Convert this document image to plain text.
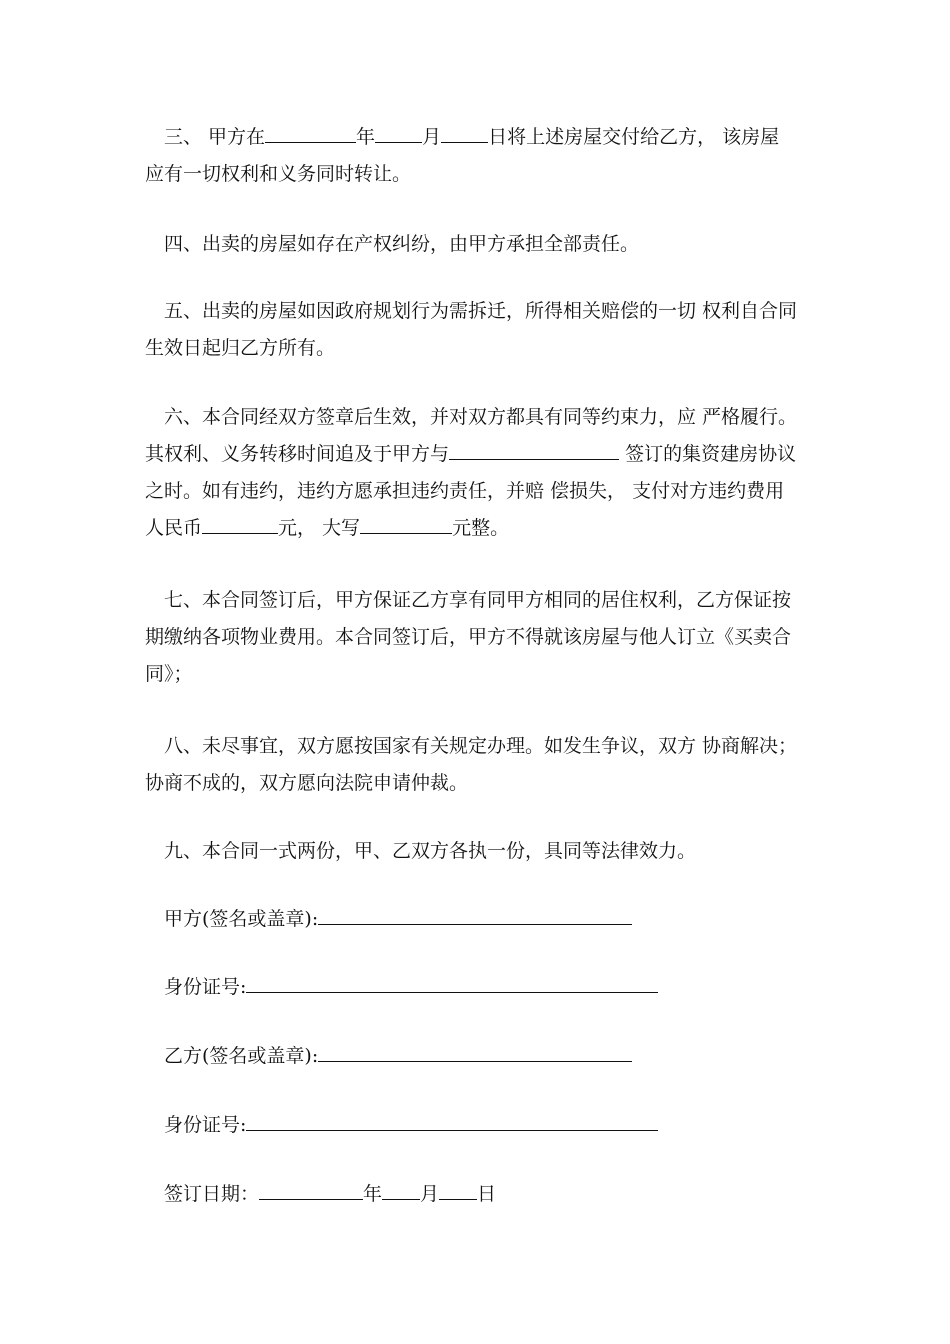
三、 甲方在	年 月 日将上述房屋交付给乙方， 该房屋
应有一切权利和义务同时转让。

四、出卖的房屋如存在产权纠纷，由甲方承担全部责任。

五、出卖的房屋如因政府规划行为需拆迁，所得相关赔偿的一切 权利自合同
生效日起归乙方所有。

六、本合同经双方签章后生效，并对双方都具有同等约束力，应 严格履行。
其权利、义务转移时间追及于甲方与	签订的集资建房协议
之时。如有违约，违约方愿承担违约责任，并赔 偿损失， 支付对方违约费用
人民币	元， 大写	元整。

七、本合同签订后，甲方保证乙方享有同甲方相同的居住权利，乙方保证按
期缴纳各项物业费用。本合同签订后，甲方不得就该房屋与他人订立《买卖合
同》；

八、未尽事宜，双方愿按国家有关规定办理。如发生争议，双方 协商解决；
协商不成的，双方愿向法院申请仲裁。

九、本合同一式两份，甲、乙双方各执一份，具同等法律效力。

甲方(签名或盖章):
身份证号:
乙方(签名或盖章):
身份证号:
签订日期：	年 月 日
